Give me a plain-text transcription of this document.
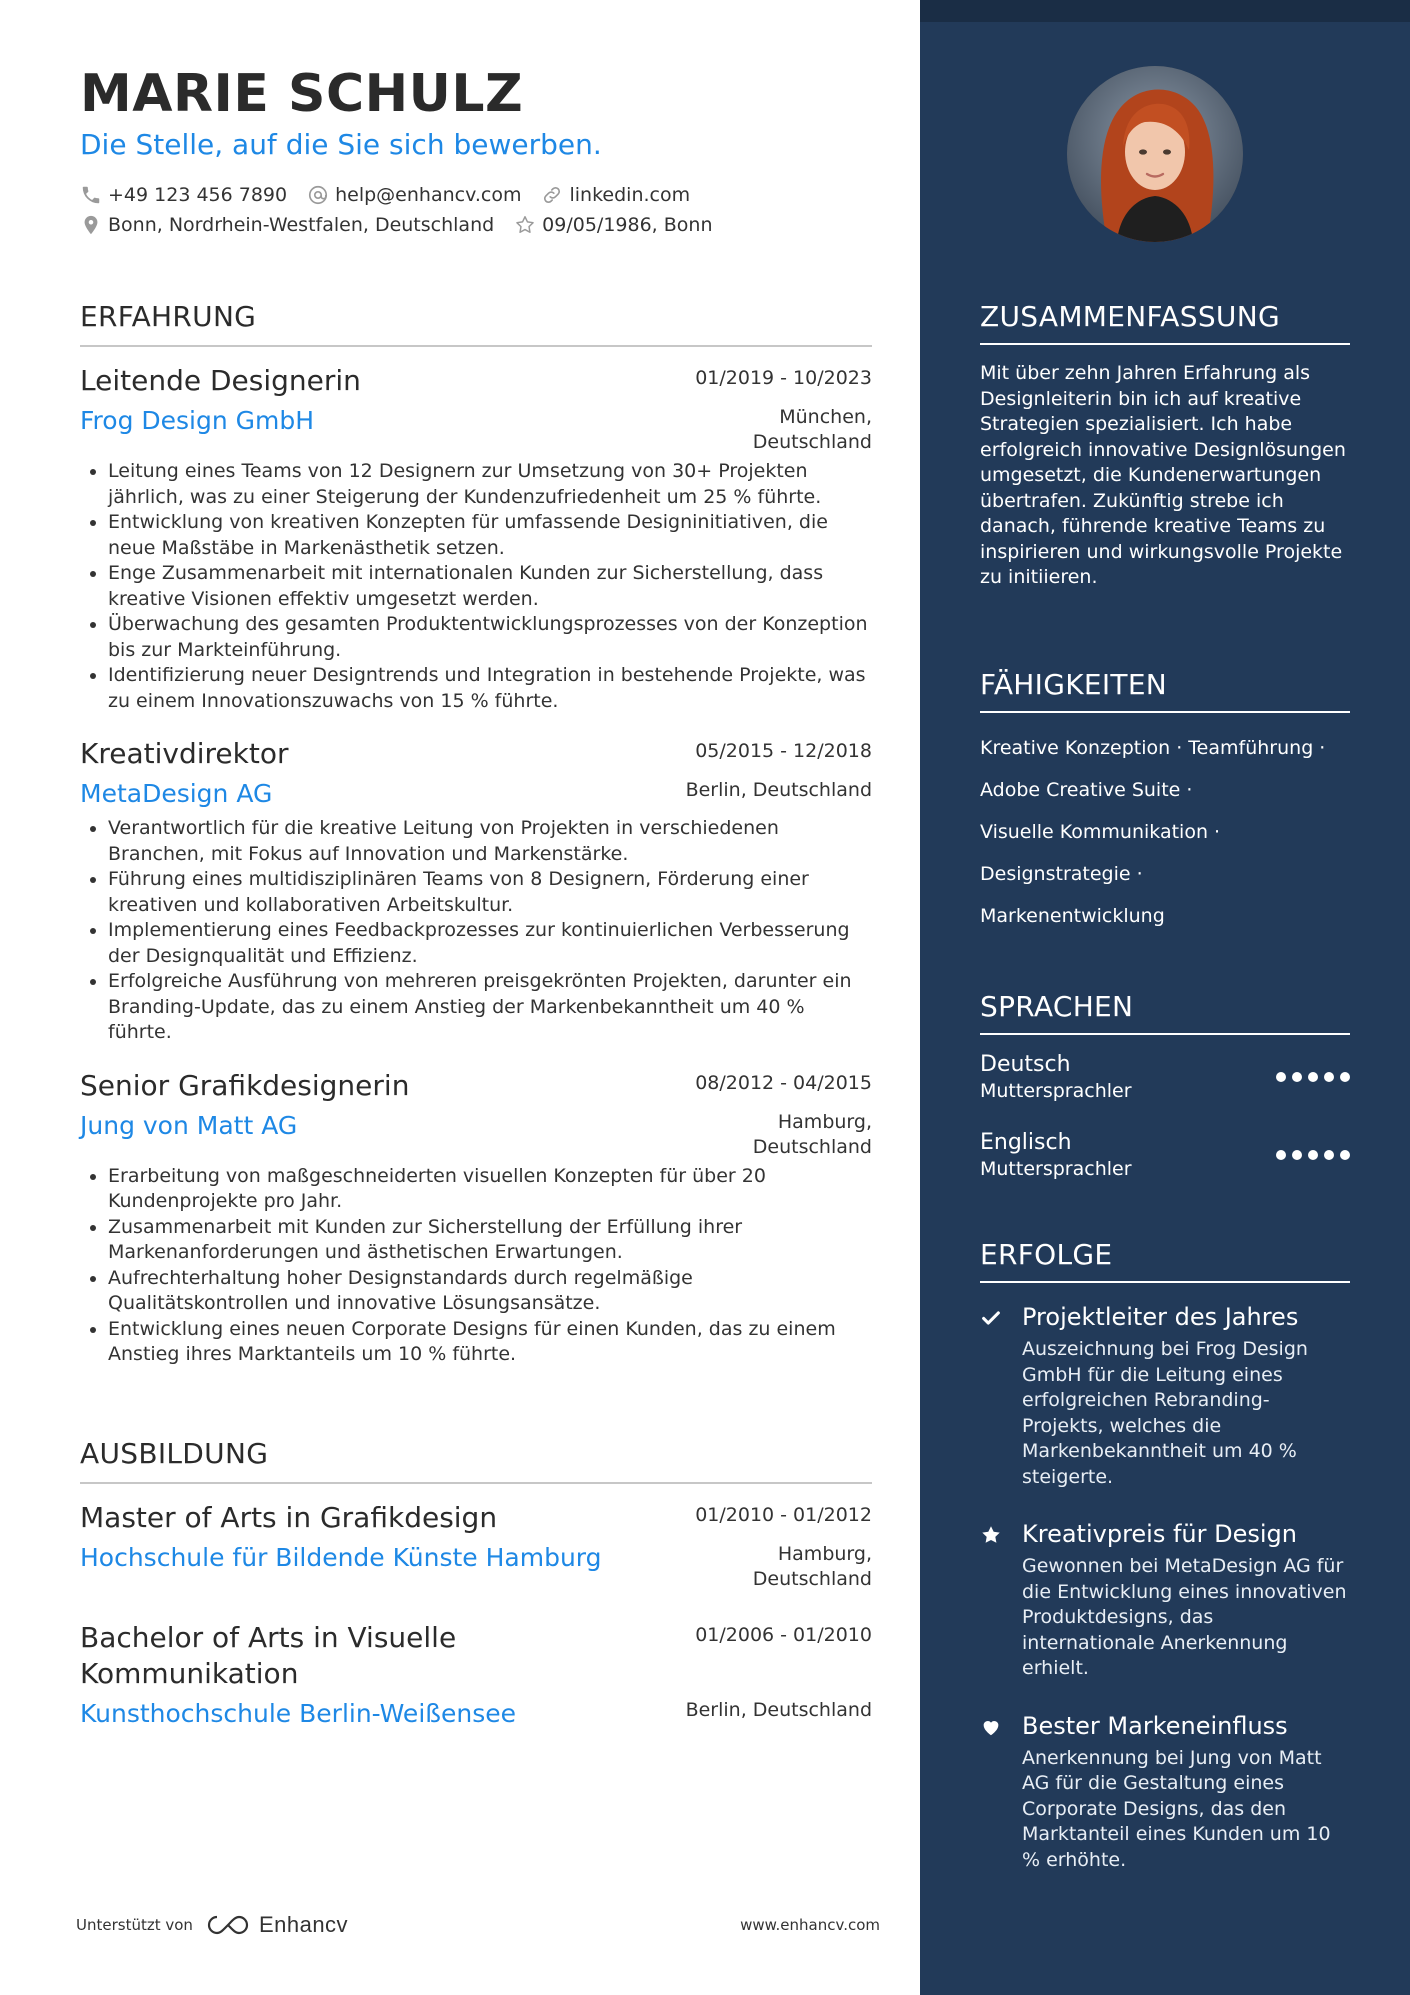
MARIE SCHULZ
Die Stelle, auf die Sie sich bewerben.
+49 123 456 7890	help@enhancv.com	linkedin.com
Bonn, Nordrhein-Westfalen, Deutschland	09/05/1986, Bonn
ERFAHRUNG
Leitende Designerin	01/2019 - 10/2023
Frog Design GmbH	München,
Deutschland
• Leitung eines Teams von 12 Designern zur Umsetzung von 30+ Projekten jährlich, was zu einer Steigerung der Kundenzufriedenheit um 25 % führte.
• Entwicklung von kreativen Konzepten für umfassende Designinitiativen, die neue Maßstäbe in Markenästhetik setzen.
• Enge Zusammenarbeit mit internationalen Kunden zur Sicherstellung, dass kreative Visionen effektiv umgesetzt werden.
• Überwachung des gesamten Produktentwicklungsprozesses von der Konzeption bis zur Markteinführung.
• Identifizierung neuer Designtrends und Integration in bestehende Projekte, was zu einem Innovationszuwachs von 15 % führte.
Kreativdirektor	05/2015 - 12/2018
MetaDesign AG	Berlin, Deutschland
• Verantwortlich für die kreative Leitung von Projekten in verschiedenen Branchen, mit Fokus auf Innovation und Markenstärke.
• Führung eines multidisziplinären Teams von 8 Designern, Förderung einer kreativen und kollaborativen Arbeitskultur.
• Implementierung eines Feedbackprozesses zur kontinuierlichen Verbesserung der Designqualität und Effizienz.
• Erfolgreiche Ausführung von mehreren preisgekrönten Projekten, darunter ein Branding-Update, das zu einem Anstieg der Markenbekanntheit um 40 % führte.
Senior Grafikdesignerin	08/2012 - 04/2015
Jung von Matt AG	Hamburg,
Deutschland
• Erarbeitung von maßgeschneiderten visuellen Konzepten für über 20 Kundenprojekte pro Jahr.
• Zusammenarbeit mit Kunden zur Sicherstellung der Erfüllung ihrer Markenanforderungen und ästhetischen Erwartungen.
• Aufrechterhaltung hoher Designstandards durch regelmäßige Qualitätskontrollen und innovative Lösungsansätze.
• Entwicklung eines neuen Corporate Designs für einen Kunden, das zu einem Anstieg ihres Marktanteils um 10 % führte.
AUSBILDUNG
Master of Arts in Grafikdesign	01/2010 - 01/2012
Hochschule für Bildende Künste Hamburg	Hamburg,
Deutschland
Bachelor of Arts in Visuelle
Kommunikation
01/2006 - 01/2010
Kunsthochschule Berlin-Weißensee	Berlin, Deutschland
Unterstützt von	Enhancv	www.enhancv.com
ZUSAMMENFASSUNG
Mit über zehn Jahren Erfahrung als Designleiterin bin ich auf kreative Strategien spezialisiert. Ich habe erfolgreich innovative Designlösungen umgesetzt, die Kundenerwartungen übertrafen. Zukünftig strebe ich danach, führende kreative Teams zu inspirieren und wirkungsvolle Projekte zu initiieren.
FÄHIGKEITEN
Kreative Konzeption · Teamführung ·
Adobe Creative Suite ·
Visuelle Kommunikation ·
Designstrategie ·
Markenentwicklung
SPRACHEN
Deutsch
Muttersprachler
Englisch
Muttersprachler
ERFOLGE
Projektleiter des Jahres
Auszeichnung bei Frog Design GmbH für die Leitung eines erfolgreichen Rebranding-Projekts, welches die Markenbekanntheit um 40 % steigerte.
Kreativpreis für Design
Gewonnen bei MetaDesign AG für die Entwicklung eines innovativen Produktdesigns, das internationale Anerkennung erhielt.
Bester Markeneinfluss
Anerkennung bei Jung von Matt AG für die Gestaltung eines Corporate Designs, das den Marktanteil eines Kunden um 10 % erhöhte.
